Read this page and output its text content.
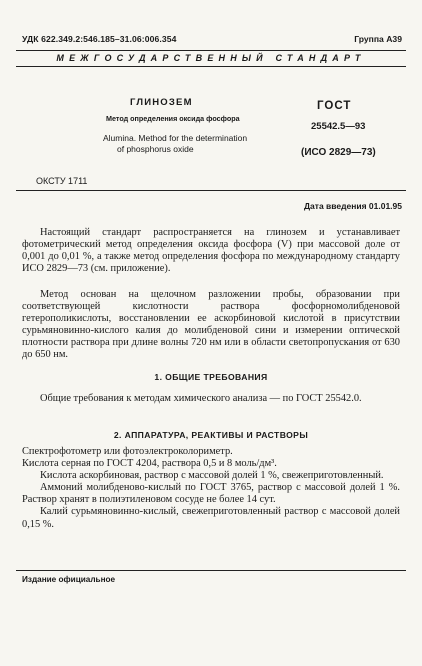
УДК 622.349.2:546.185–31.06:006.354	Группа А39
МЕЖГОСУДАРСТВЕННЫЙ СТАНДАРТ
ГЛИНОЗЕМ
Метод определения оксида фосфора
Alumina. Method for the determination
of phosphorus oxide
ГОСТ
25542.5—93
(ИСО 2829—73)
ОКСТУ 1711
Дата введения 01.01.95

Настоящий стандарт распространяется на глинозем и устанавливает фотометрический метод определения оксида фосфора (V) при массовой доле от 0,001 до 0,01 %, а также метод определения фосфора по международному стандарту ИСО 2829—73 (см. приложение).

Метод основан на щелочном разложении пробы, образовании при соответствующей кислотности раствора фосфорномолибденовой гетерополикислоты, восстановлении ее аскорбиновой кислотой в присутствии сурьмяновинно-кислого калия до молибденовой сини и измерении оптической плотности раствора при длине волны 720 нм или в области светопропускания от 630 до 650 нм.

1. ОБЩИЕ ТРЕБОВАНИЯ

Общие требования к методам химического анализа — по ГОСТ 25542.0.

2. АППАРАТУРА, РЕАКТИВЫ И РАСТВОРЫ

Спектрофотометр или фотоэлектроколориметр.

Кислота серная по ГОСТ 4204, раствора 0,5 и 8 моль/дм³.

Кислота аскорбиновая, раствор с массовой долей 1 %, свежеприготовленный.

Аммоний молибденово-кислый по ГОСТ 3765, раствор с массовой долей 1 %. Раствор хранят в полиэтиленовом сосуде не более 14 сут.

Калий сурьмяновинно-кислый, свежеприготовленный раствор с массовой долей 0,15 %.

Издание официальное
